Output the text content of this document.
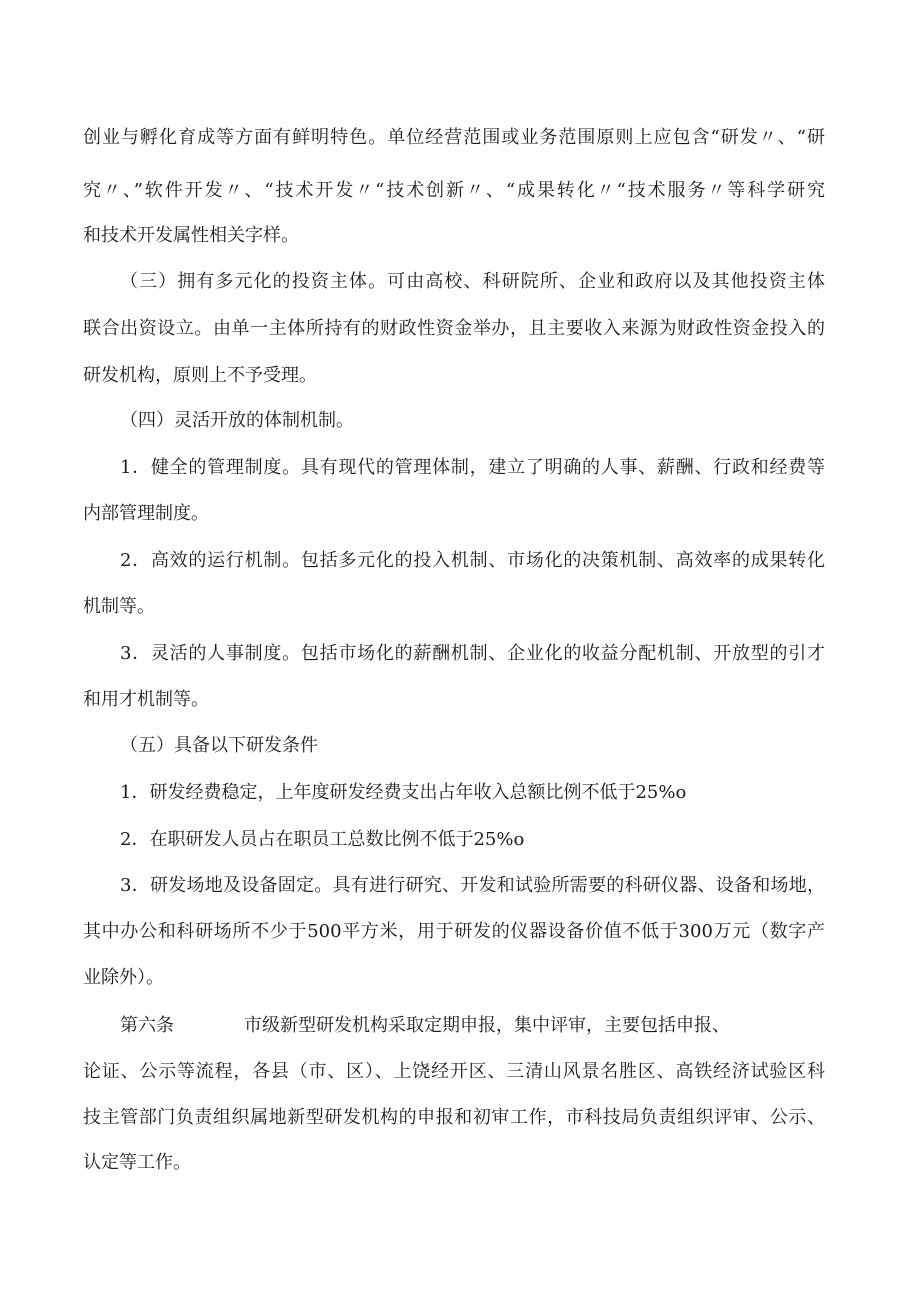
创业与孵化育成等方面有鲜明特色。单位经营范围或业务范围原则上应包含“研发〃、“研
究〃、”软件开发〃、“技术开发〃“技术创新〃、“成果转化〃“技术服务〃等科学研究
和技术开发属性相关字样。
（三）拥有多元化的投资主体。可由高校、科研院所、企业和政府以及其他投资主体
联合出资设立。由单一主体所持有的财政性资金举办，且主要收入来源为财政性资金投入的
研发机构，原则上不予受理。
（四）灵活开放的体制机制。
1．健全的管理制度。具有现代的管理体制，建立了明确的人事、薪酬、行政和经费等
内部管理制度。
2．高效的运行机制。包括多元化的投入机制、市场化的决策机制、高效率的成果转化
机制等。
3．灵活的人事制度。包括市场化的薪酬机制、企业化的收益分配机制、开放型的引才
和用才机制等。
（五）具备以下研发条件
1．研发经费稳定，上年度研发经费支出占年收入总额比例不低于25%o
2．在职研发人员占在职员工总数比例不低于25%o
3．研发场地及设备固定。具有进行研究、开发和试验所需要的科研仪器、设备和场地，
其中办公和科研场所不少于500平方米，用于研发的仪器设备价值不低于300万元（数字产
业除外）。
第六条	市级新型研发机构采取定期申报，集中评审，主要包括申报、
论证、公示等流程，各县（市、区）、上饶经开区、三清山风景名胜区、高铁经济试验区科
技主管部门负责组织属地新型研发机构的申报和初审工作，市科技局负责组织评审、公示、
认定等工作。
